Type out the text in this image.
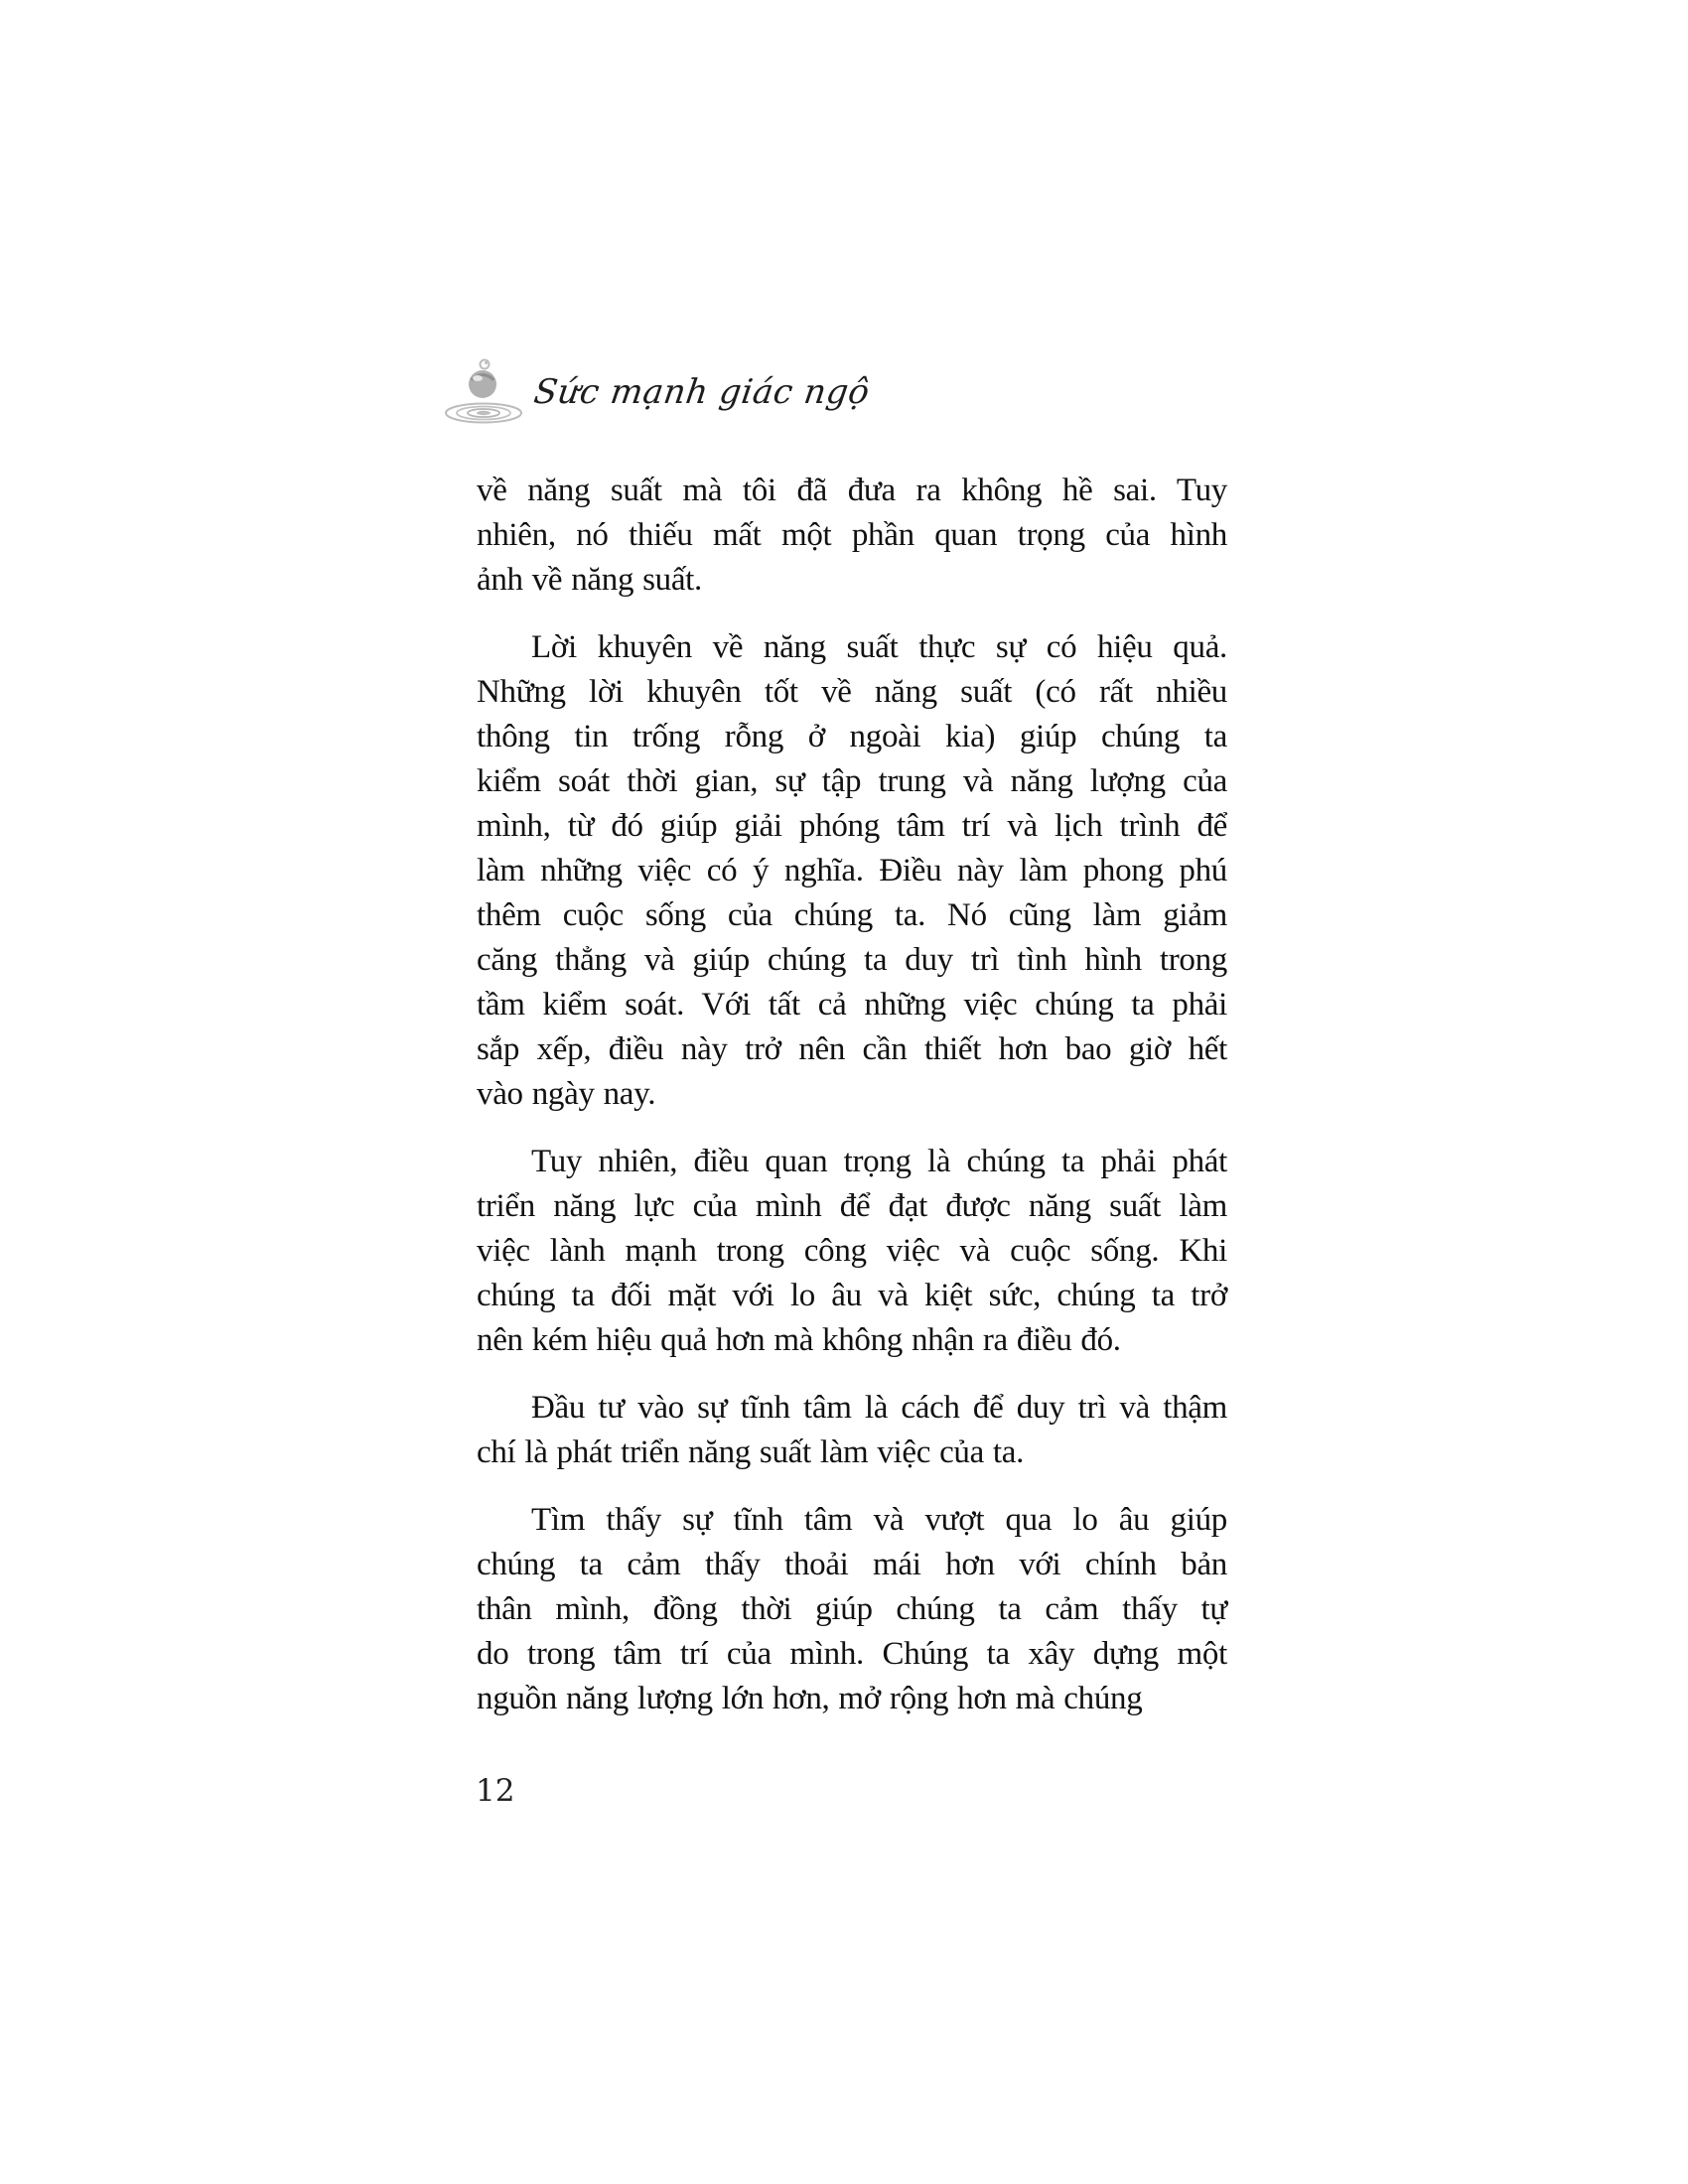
Sức mạnh giác ngộ
về năng suất mà tôi đã đưa ra không hề sai. Tuy
nhiên, nó thiếu mất một phần quan trọng của hình
ảnh về năng suất.
Lời khuyên về năng suất thực sự có hiệu quả.
Những lời khuyên tốt về năng suất (có rất nhiều
thông tin trống rỗng ở ngoài kia) giúp chúng ta
kiểm soát thời gian, sự tập trung và năng lượng của
mình, từ đó giúp giải phóng tâm trí và lịch trình để
làm những việc có ý nghĩa. Điều này làm phong phú
thêm cuộc sống của chúng ta. Nó cũng làm giảm
căng thẳng và giúp chúng ta duy trì tình hình trong
tầm kiểm soát. Với tất cả những việc chúng ta phải
sắp xếp, điều này trở nên cần thiết hơn bao giờ hết
vào ngày nay.
Tuy nhiên, điều quan trọng là chúng ta phải phát
triển năng lực của mình để đạt được năng suất làm
việc lành mạnh trong công việc và cuộc sống. Khi
chúng ta đối mặt với lo âu và kiệt sức, chúng ta trở
nên kém hiệu quả hơn mà không nhận ra điều đó.
Đầu tư vào sự tĩnh tâm là cách để duy trì và thậm
chí là phát triển năng suất làm việc của ta.
Tìm thấy sự tĩnh tâm và vượt qua lo âu giúp
chúng ta cảm thấy thoải mái hơn với chính bản
thân mình, đồng thời giúp chúng ta cảm thấy tự
do trong tâm trí của mình. Chúng ta xây dựng một
nguồn năng lượng lớn hơn, mở rộng hơn mà chúng
12
